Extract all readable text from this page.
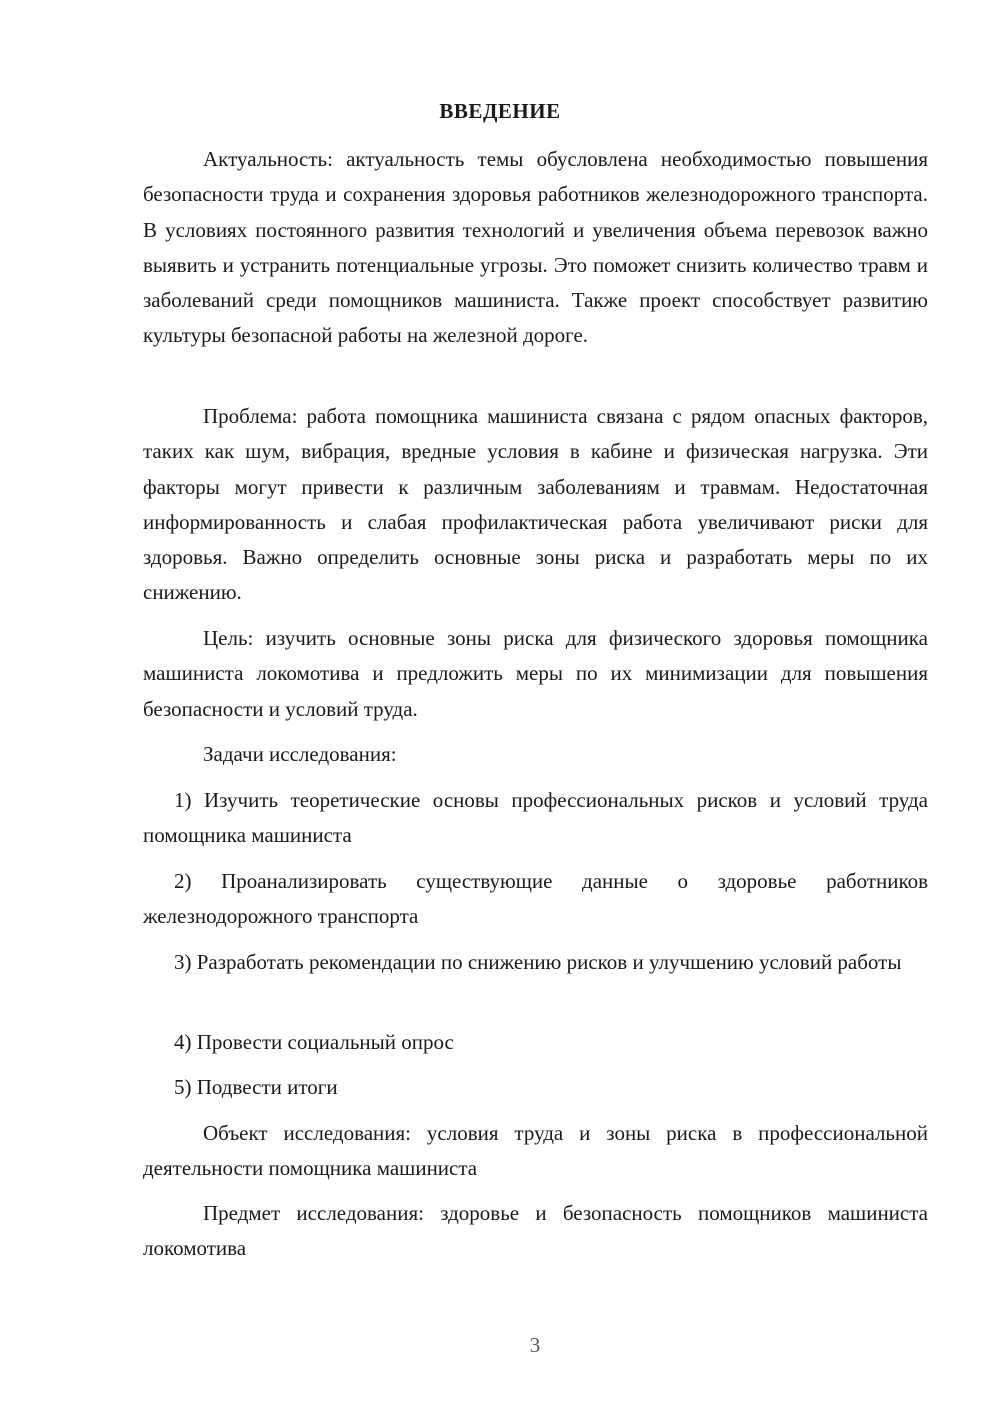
ВВЕДЕНИЕ

Актуальность: актуальность темы обусловлена необходимостью повышения безопасности труда и сохранения здоровья работников железнодорожного транспорта. В условиях постоянного развития технологий и увеличения объема перевозок важно выявить и устранить потенциальные угрозы. Это поможет снизить количество травм и заболеваний среди помощников машиниста. Также проект способствует развитию культуры безопасной работы на железной дороге.

Проблема: работа помощника машиниста связана с рядом опасных факторов, таких как шум, вибрация, вредные условия в кабине и физическая нагрузка. Эти факторы могут привести к различным заболеваниям и травмам. Недостаточная информированность и слабая профилактическая работа увеличивают риски для здоровья. Важно определить основные зоны риска и разработать меры по их снижению.

Цель: изучить основные зоны риска для физического здоровья помощника машиниста локомотива и предложить меры по их минимизации для повышения безопасности и условий труда.

Задачи исследования:

1) Изучить теоретические основы профессиональных рисков и условий труда помощника машиниста

2) Проанализировать существующие данные о здоровье работников железнодорожного транспорта

3) Разработать рекомендации по снижению рисков и улучшению условий работы

4) Провести социальный опрос

5) Подвести итоги

Объект исследования: условия труда и зоны риска в профессиональной деятельности помощника машиниста

Предмет исследования: здоровье и безопасность помощников машиниста локомотива

3
